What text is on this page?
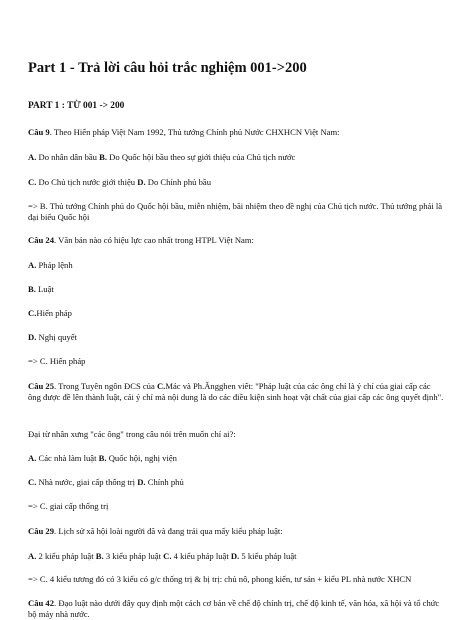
Part 1 - Trả lời câu hỏi trắc nghiệm 001->200
PART 1 : TỪ 001 -> 200
Câu 9. Theo Hiến pháp Việt Nam 1992, Thủ tướng Chính phủ Nước CHXHCN Việt Nam:
A. Do nhân dân bầu B. Do Quốc hội bầu theo sự giới thiệu của Chủ tịch nước
C. Do Chủ tịch nước giới thiệu D. Do Chính phủ bầu
=> B. Thủ tướng Chính phủ do Quốc hội bầu, miễn nhiệm, bãi nhiệm theo đề nghị của Chủ tịch nước. Thủ tướng phải là đại biểu Quốc hội
Câu 24. Văn bản nào có hiệu lực cao nhất trong HTPL Việt Nam:
A. Pháp lệnh
B. Luật
C.Hiến pháp
D. Nghị quyết
=> C. Hiến pháp
Câu 25. Trong Tuyên ngôn ĐCS của C.Mác và Ph.Ăngghen viết: "Pháp luật của các ông chỉ là ý chí của giai cấp các ông được đề lên thành luật, cái ý chí mà nội dung là do các điều kiện sinh hoạt vật chất của giai cấp các ông quyết định".
Đại từ nhân xưng "các ông" trong câu nói trên muốn chỉ ai?:
A. Các nhà làm luật B. Quốc hội, nghị viện
C. Nhà nước, giai cấp thống trị D. Chính phủ
=> C. giai cấp thống trị
Câu 29. Lịch sử xã hội loài người đã và đang trải qua mấy kiểu pháp luật:
A. 2 kiểu pháp luật B. 3 kiểu pháp luật C. 4 kiểu pháp luật D. 5 kiểu pháp luật
=> C. 4 kiểu tương đó có 3 kiểu có g/c thống trị & bị trị: chủ nô, phong kiến, tư sản + kiểu PL nhà nước XHCN
Câu 42. Đạo luật nào dưới đây quy định một cách cơ bản về chế độ chính trị, chế độ kinh tế, văn hóa, xã hội và tổ chức bộ máy nhà nước.
